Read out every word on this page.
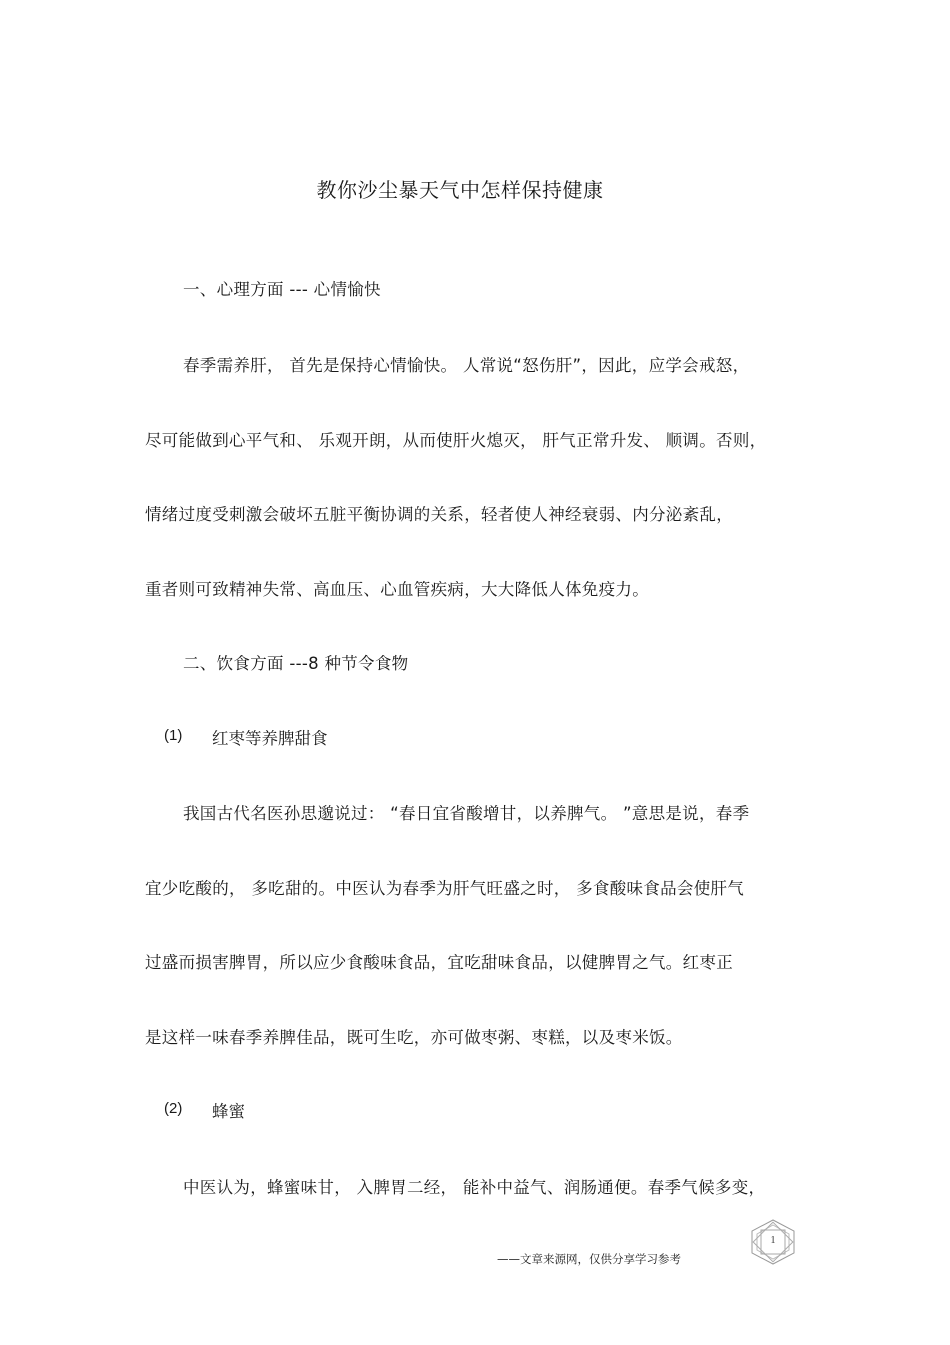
教你沙尘暴天气中怎样保持健康
一、心理方面 --- 心情愉快
春季需养肝， 首先是保持心情愉快。 人常说“怒伤肝”，因此，应学会戒怒，
尽可能做到心平气和、 乐观开朗，从而使肝火熄灭， 肝气正常升发、 顺调。否则，
情绪过度受刺激会破坏五脏平衡协调的关系，轻者使人神经衰弱、内分泌紊乱，
重者则可致精神失常、高血压、心血管疾病，大大降低人体免疫力。
二、饮食方面 ---8 种节令食物
(1) 红枣等养脾甜食
我国古代名医孙思邈说过： “春日宜省酸增甘，以养脾气。 ”意思是说，春季
宜少吃酸的， 多吃甜的。中医认为春季为肝气旺盛之时， 多食酸味食品会使肝气
过盛而损害脾胃，所以应少食酸味食品，宜吃甜味食品，以健脾胃之气。红枣正
是这样一味春季养脾佳品，既可生吃，亦可做枣粥、枣糕，以及枣米饭。
(2) 蜂蜜
中医认为，蜂蜜味甘， 入脾胃二经， 能补中益气、润肠通便。春季气候多变，
1
——文章来源网，仅供分享学习参考
